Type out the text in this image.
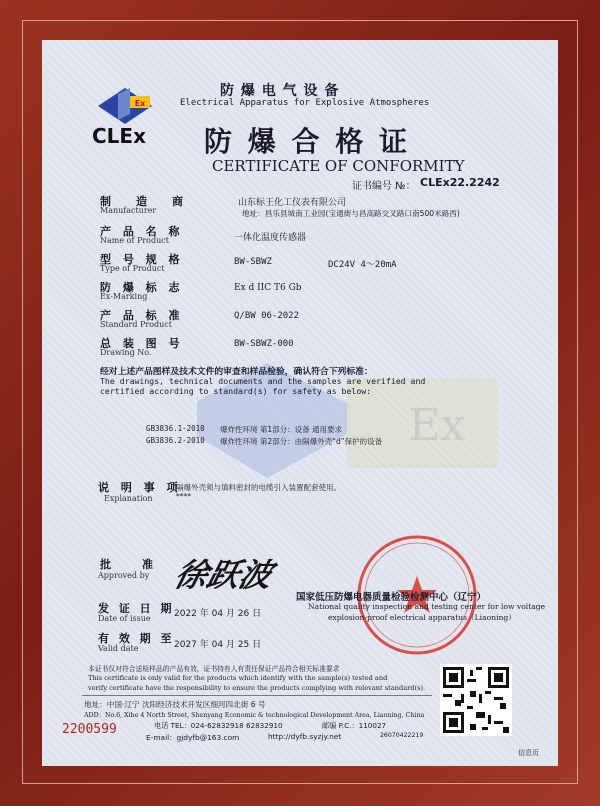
Ex
CLEx
防 爆 电 气 设 备
Electrical Apparatus for Explosive Atmospheres
防 爆 合 格 证
CERTIFICATE OF CONFORMITY
证书编号 №： CLEx22.2242
制　造　商
Manufacturer
山东标王化工仪表有限公司
地址：昌乐县城南工业园(宝通街与昌高路交叉路口南500米路西)
产 品 名 称
Name of Product	一体化温度传感器
型 号 规 格
Type of Product
BW-SBWZ	DC24V 4～20mA
防 爆 标 志
Ex-Marking
Ex d IIC T6 Gb
产 品 标 准
Standard Product
Q/BW 06-2022
总 装 图 号
Drawing No.
BW-SBWZ-000
Ex
经对上述产品图样及技术文件的审查和样品检验，确认符合下列标准：
The drawings, technical documents and the samples are verified and
certified according to standard(s) for safety as below:
GB3836.1-2010 爆炸性环境 第1部分：设备 通用要求
GB3836.2-2010 爆炸性环境 第2部分：由隔爆外壳“d”保护的设备
说 明 事 项
Explanation
隔爆外壳须与填料密封的电缆引入装置配套使用。
****
批　　准
Approved by 徐跃波
国家低压防爆电器质量检验检测中心（辽宁）
National quality inspection and testing center for low voltage
explosion-proof electrical apparatus（Liaoning）
发 证 日 期
Date of issue	2022 年 04 月 26 日
有 效 期 至
Valid date	2027 年 04 月 25 日
本证书仅对符合送检样品的产品有效，证书持有人有责任保证产品符合相关标准要求
This certificate is only valid for the products which identify with the sample(s) tested and
verify certificate have the responsibility to ensure the products complying with relevant standard(s).
地址：中国·辽宁 沈阳经济技术开发区细河四北街 6 号
ADD：No.6, Xihe 4 North Street, Shenyang Economic & technological Development Area, Liaoning, China
电话 TEL：024-62832918 62832910	邮编 P.C.：110027
E-mail：gjdyfb@163.com	http://dyfb.syzjy.net
2200599	26070422219
信息页
